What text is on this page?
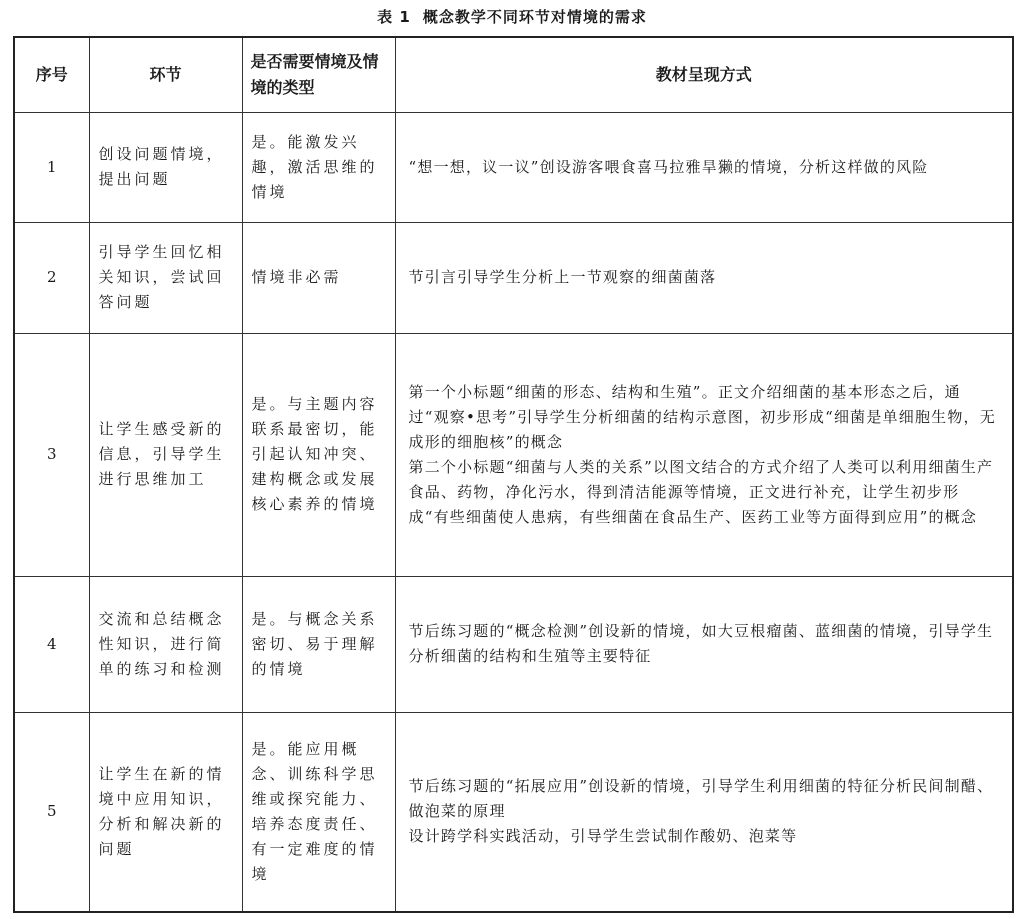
表 1 概念教学不同环节对情境的需求
序号	环节	是否需要情境及情境的类型	教材呈现方式
1	创设问题情境，提出问题	是。能激发兴趣，激活思维的情境	“想一想，议一议”创设游客喂食喜马拉雅旱獭的情境，分析这样做的风险

2	引导学生回忆相关知识，尝试回答问题	情境非必需	节引言引导学生分析上一节观察的细菌菌落

3	让学生感受新的信息，引导学生进行思维加工	是。与主题内容联系最密切，能引起认知冲突、建构概念或发展核心素养的情境	第一个小标题“细菌的形态、结构和生殖”。正文介绍细菌的基本形态之后，通过“观察•思考”引导学生分析细菌的结构示意图，初步形成“细菌是单细胞生物，无成形的细胞核”的概念
第二个小标题“细菌与人类的关系”以图文结合的方式介绍了人类可以利用细菌生产食品、药物，净化污水，得到清洁能源等情境，正文进行补充，让学生初步形成“有些细菌使人患病，有些细菌在食品生产、医药工业等方面得到应用”的概念

4	交流和总结概念性知识，进行简单的练习和检测	是。与概念关系密切、易于理解的情境	节后练习题的“概念检测”创设新的情境，如大豆根瘤菌、蓝细菌的情境，引导学生分析细菌的结构和生殖等主要特征

5	让学生在新的情境中应用知识，分析和解决新的问题	是。能应用概念、训练科学思维或探究能力、培养态度责任、有一定难度的情境	节后练习题的“拓展应用”创设新的情境，引导学生利用细菌的特征分析民间制醋、做泡菜的原理
设计跨学科实践活动，引导学生尝试制作酸奶、泡菜等
